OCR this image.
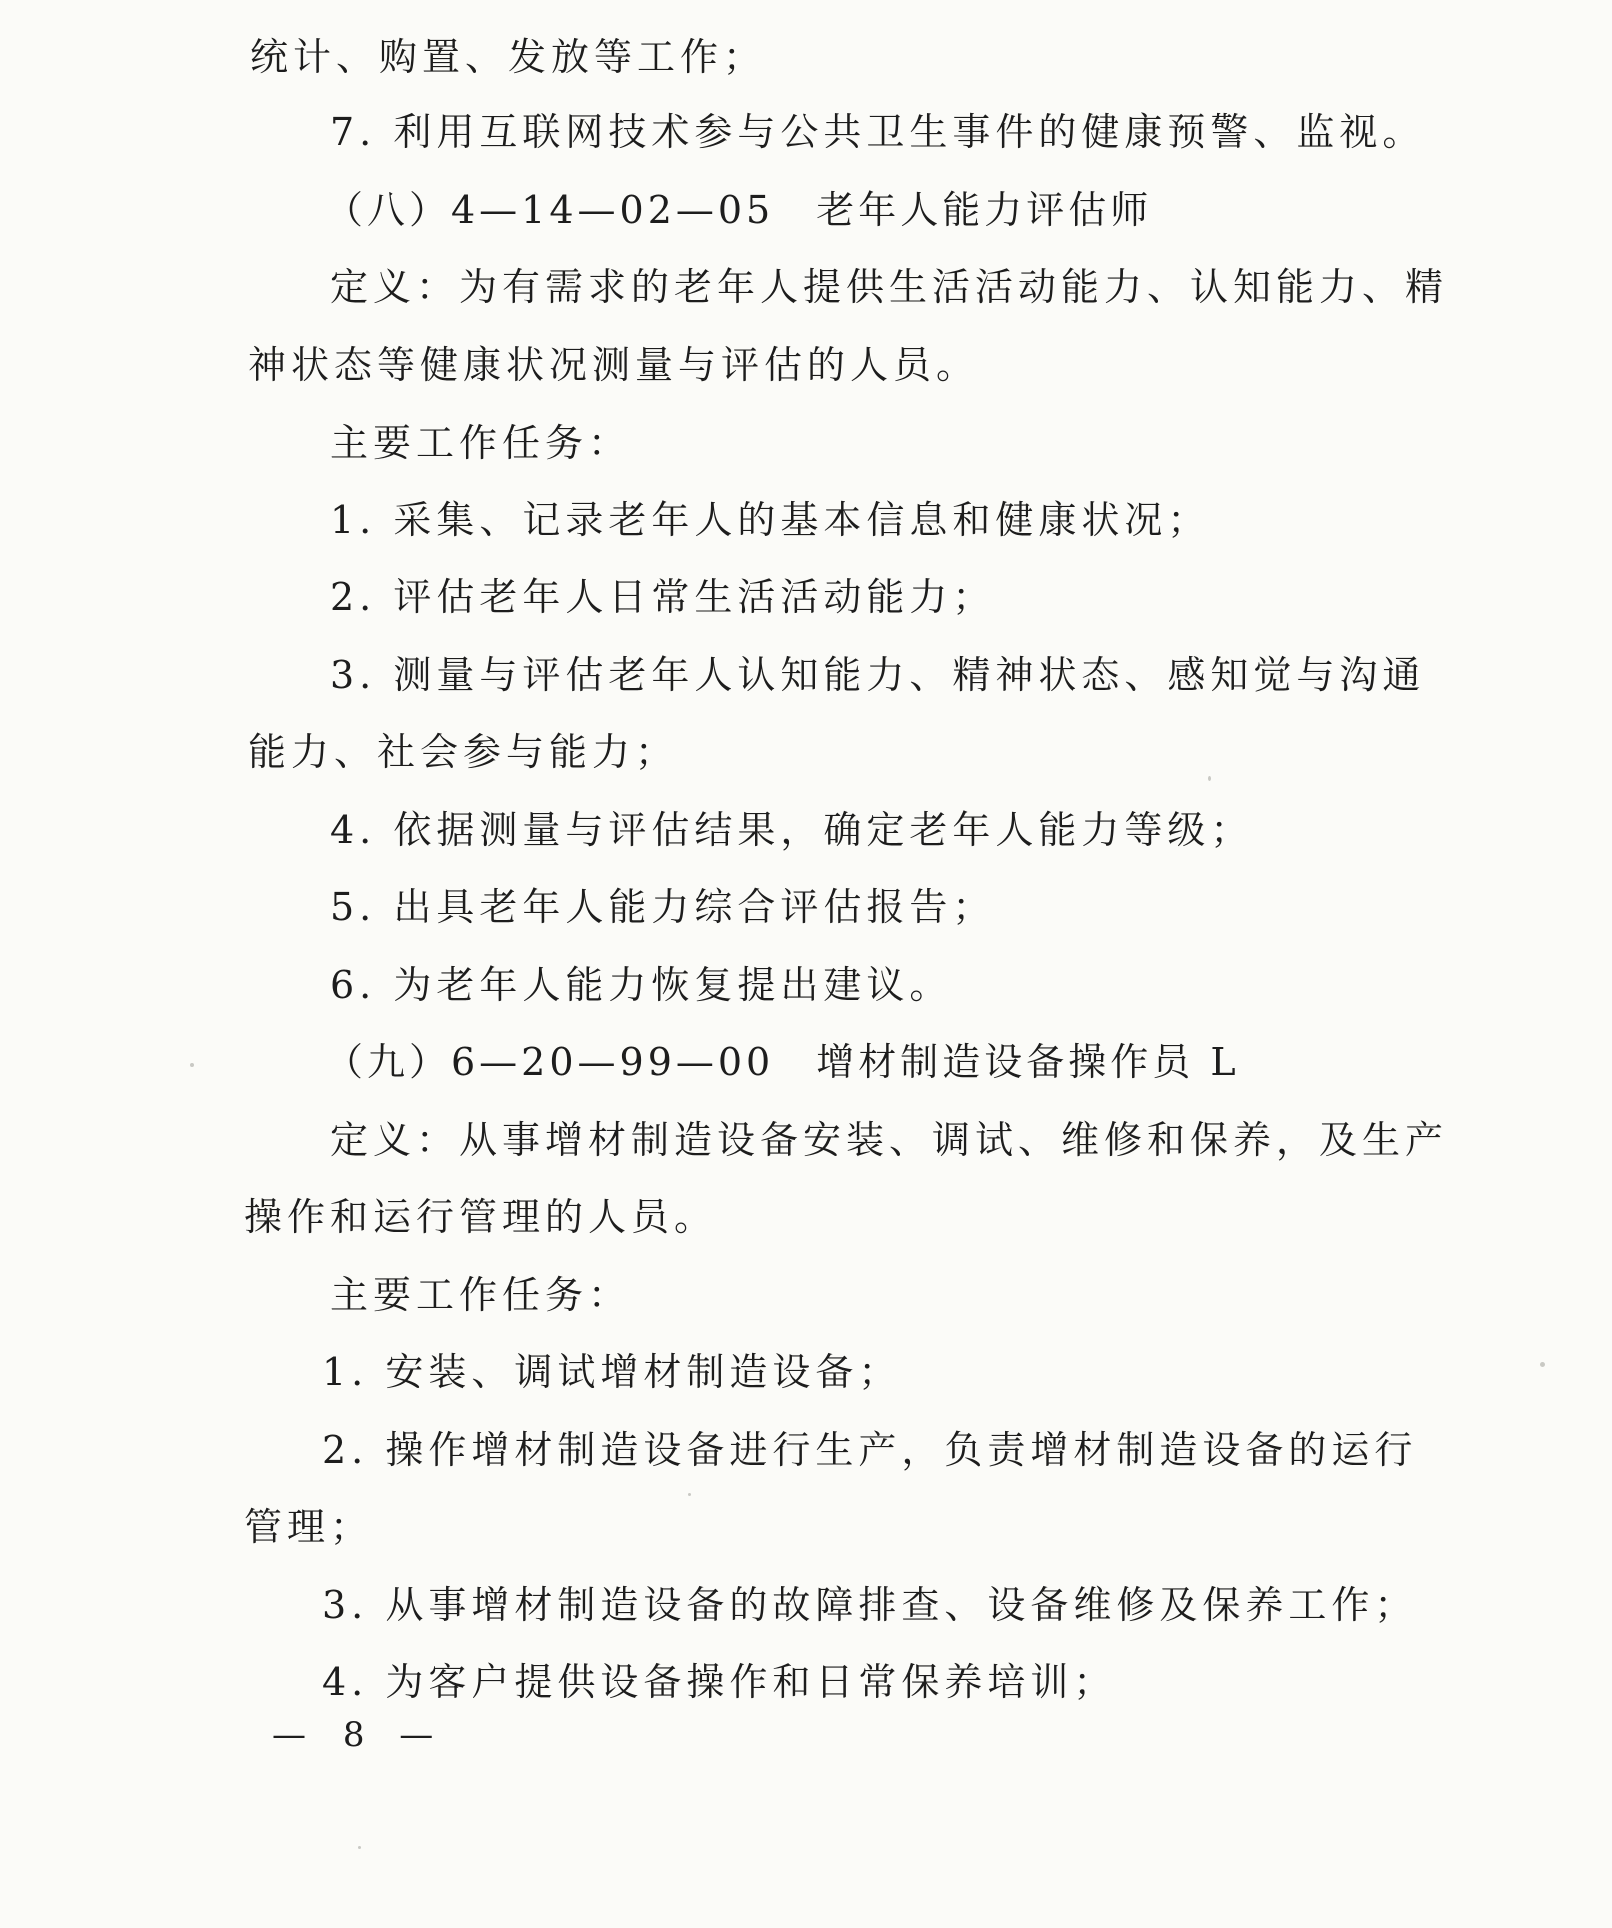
统计、购置、发放等工作；
7. 利用互联网技术参与公共卫生事件的健康预警、监视。
（八）4—14—02—05　老年人能力评估师
定义：为有需求的老年人提供生活活动能力、认知能力、精
神状态等健康状况测量与评估的人员。
主要工作任务：
1. 采集、记录老年人的基本信息和健康状况；
2. 评估老年人日常生活活动能力；
3. 测量与评估老年人认知能力、精神状态、感知觉与沟通
能力、社会参与能力；
4. 依据测量与评估结果，确定老年人能力等级；
5. 出具老年人能力综合评估报告；
6. 为老年人能力恢复提出建议。
（九）6—20—99—00　增材制造设备操作员 L
定义：从事增材制造设备安装、调试、维修和保养，及生产
操作和运行管理的人员。
主要工作任务：
1. 安装、调试增材制造设备；
2. 操作增材制造设备进行生产，负责增材制造设备的运行
管理；
3. 从事增材制造设备的故障排查、设备维修及保养工作；
4. 为客户提供设备操作和日常保养培训；
— 8 —
